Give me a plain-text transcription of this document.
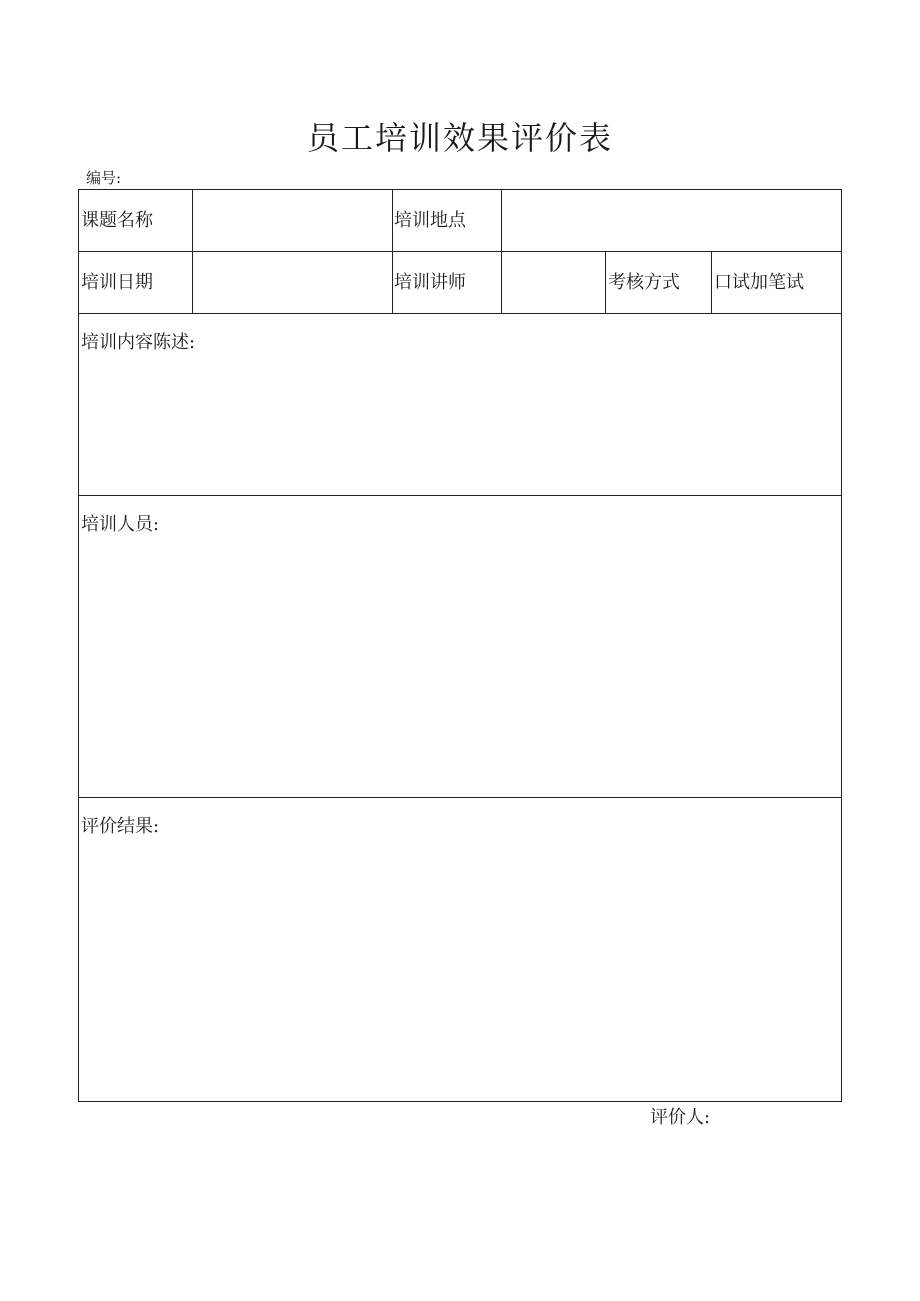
员工培训效果评价表
编号:
课题名称	培训地点
培训日期	培训讲师	考核方式 口试加笔试
培训内容陈述:
培训人员:
评价结果:
评价人:
